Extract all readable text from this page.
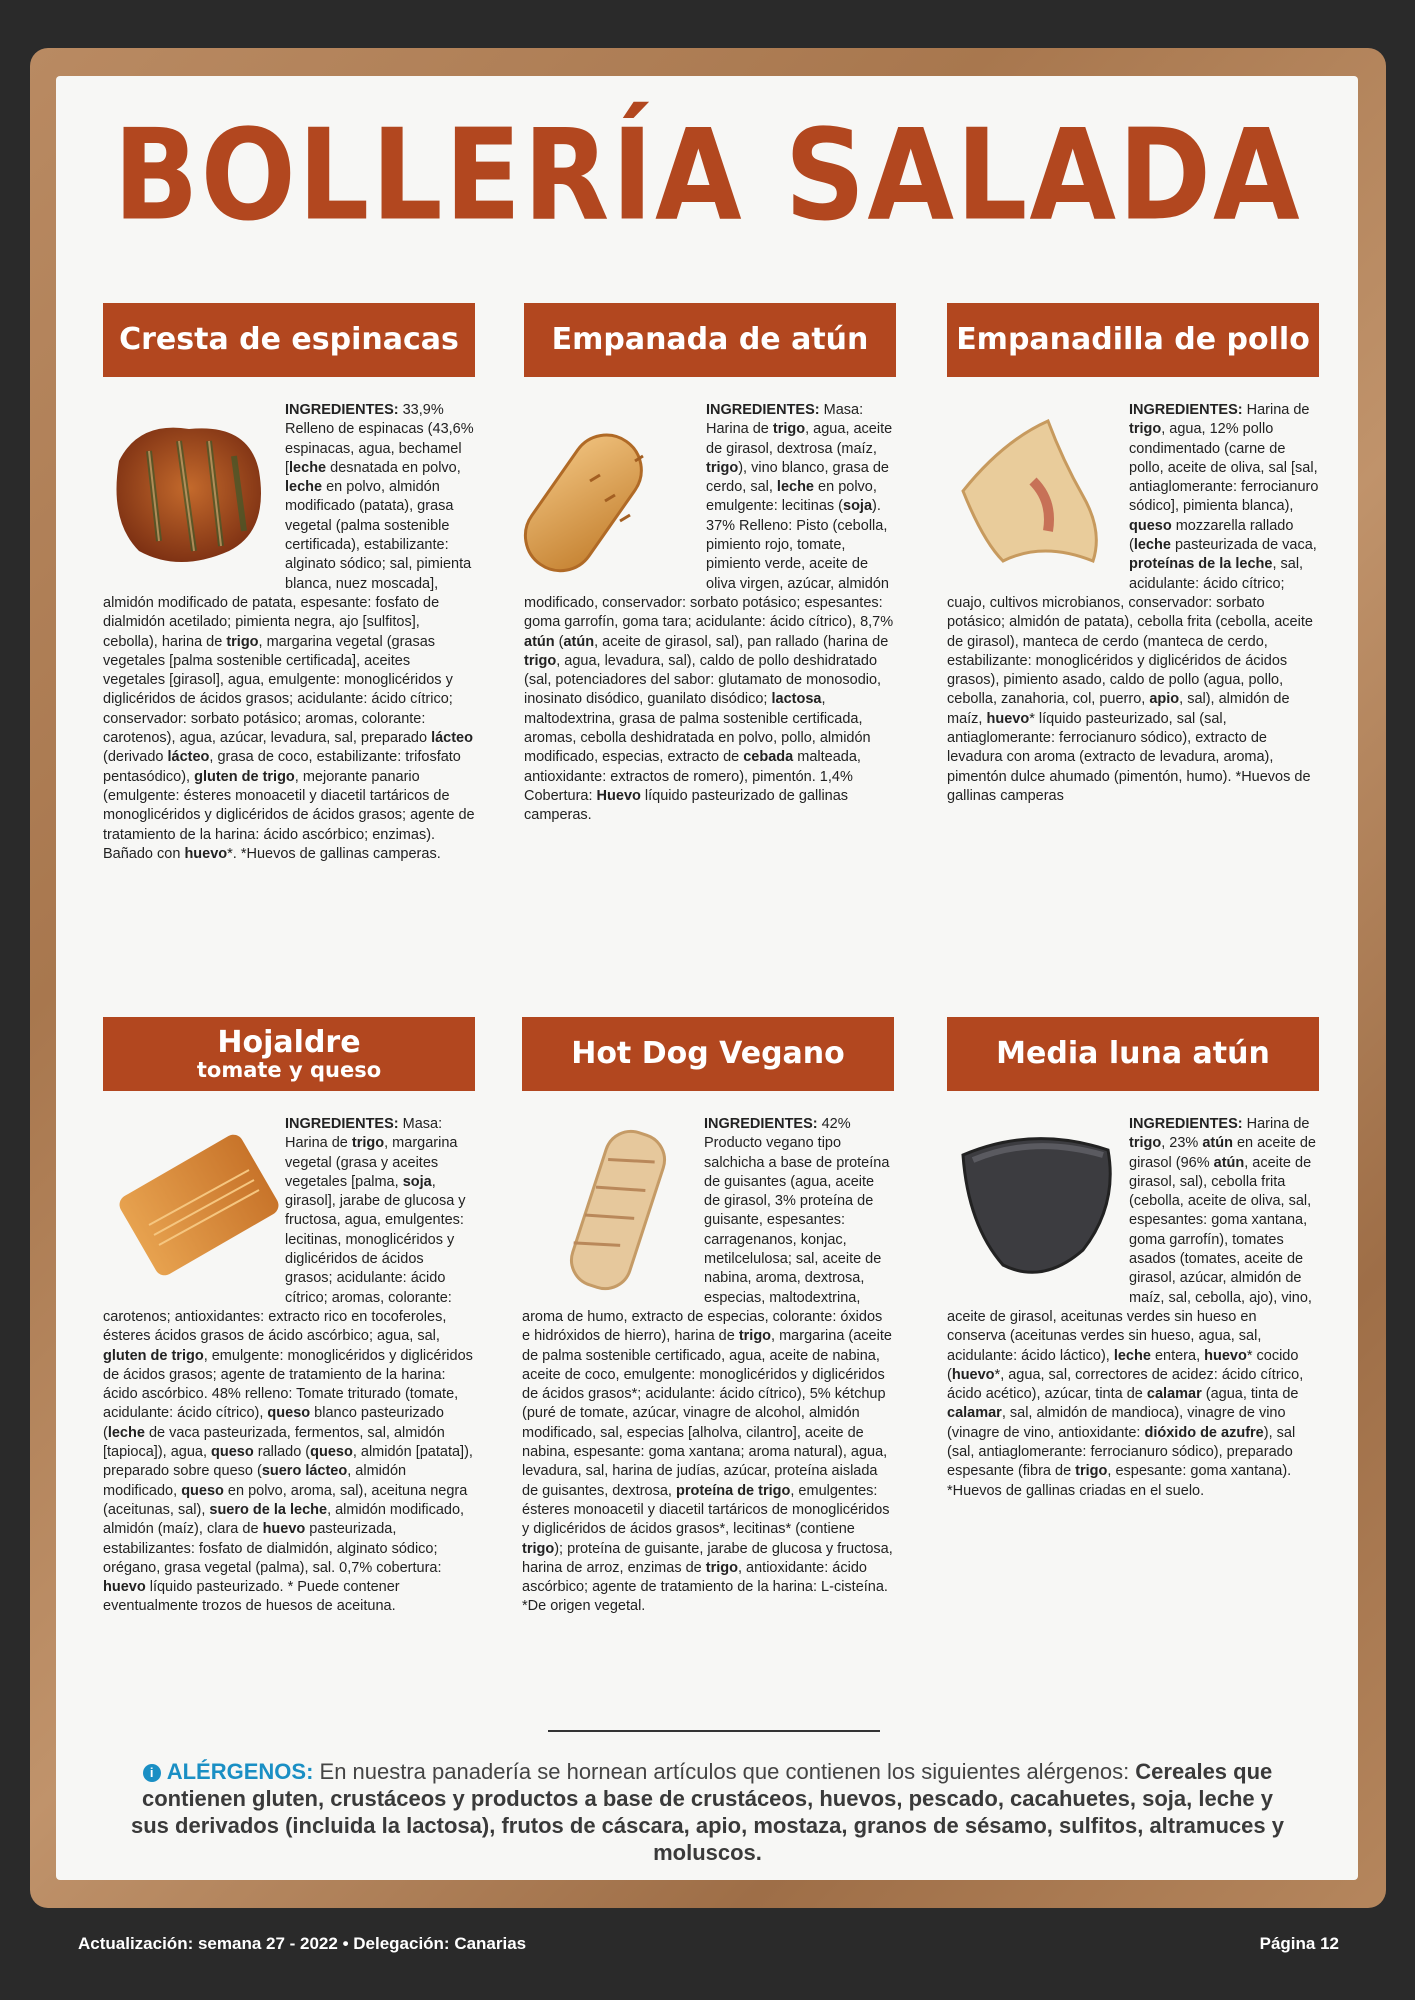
BOLLERÍA SALADA
Cresta de espinacas
INGREDIENTES: 33,9% Relleno de espinacas (43,6% espinacas, agua, bechamel [leche desnatada en polvo, leche en polvo, almidón modificado (patata), grasa vegetal (palma sostenible certificada), estabilizante: alginato sódico; sal, pimienta blanca, nuez moscada], almidón modificado de patata, espesante: fosfato de dialmidón acetilado; pimienta negra, ajo [sulfitos], cebolla), harina de trigo, margarina vegetal (grasas vegetales [palma sostenible certificada], aceites vegetales [girasol], agua, emulgente: monoglicéridos y diglicéridos de ácidos grasos; acidulante: ácido cítrico; conservador: sorbato potásico; aromas, colorante: carotenos), agua, azúcar, levadura, sal, preparado lácteo (derivado lácteo, grasa de coco, estabilizante: trifosfato pentasódico), gluten de trigo, mejorante panario (emulgente: ésteres monoacetil y diacetil tartáricos de monoglicéridos y diglicéridos de ácidos grasos; agente de tratamiento de la harina: ácido ascórbico; enzimas). Bañado con huevo*. *Huevos de gallinas camperas.
Empanada de atún
INGREDIENTES: Masa: Harina de trigo, agua, aceite de girasol, dextrosa (maíz, trigo), vino blanco, grasa de cerdo, sal, leche en polvo, emulgente: lecitinas (soja). 37% Relleno: Pisto (cebolla, pimiento rojo, tomate, pimiento verde, aceite de oliva virgen, azúcar, almidón modificado, conservador: sorbato potásico; espesantes: goma garrofín, goma tara; acidulante: ácido cítrico), 8,7% atún (atún, aceite de girasol, sal), pan rallado (harina de trigo, agua, levadura, sal), caldo de pollo deshidratado (sal, potenciadores del sabor: glutamato de monosodio, inosinato disódico, guanilato disódico; lactosa, maltodextrina, grasa de palma sostenible certificada, aromas, cebolla deshidratada en polvo, pollo, almidón modificado, especias, extracto de cebada malteada, antioxidante: extractos de romero), pimentón. 1,4% Cobertura: Huevo líquido pasteurizado de gallinas camperas.
Empanadilla de pollo
INGREDIENTES: Harina de trigo, agua, 12% pollo condimentado (carne de pollo, aceite de oliva, sal [sal, antiaglomerante: ferrocianuro sódico], pimienta blanca), queso mozzarella rallado (leche pasteurizada de vaca, proteínas de la leche, sal, acidulante: ácido cítrico; cuajo, cultivos microbianos, conservador: sorbato potásico; almidón de patata), cebolla frita (cebolla, aceite de girasol), manteca de cerdo (manteca de cerdo, estabilizante: monoglicéridos y diglicéridos de ácidos grasos), pimiento asado, caldo de pollo (agua, pollo, cebolla, zanahoria, col, puerro, apio, sal), almidón de maíz, huevo* líquido pasteurizado, sal (sal, antiaglomerante: ferrocianuro sódico), extracto de levadura con aroma (extracto de levadura, aroma), pimentón dulce ahumado (pimentón, humo). *Huevos de gallinas camperas
Hojaldre
tomate y queso
INGREDIENTES: Masa: Harina de trigo, margarina vegetal (grasa y aceites vegetales [palma, soja, girasol], jarabe de glucosa y fructosa, agua, emulgentes: lecitinas, monoglicéridos y diglicéridos de ácidos grasos; acidulante: ácido cítrico; aromas, colorante: carotenos; antioxidantes: extracto rico en tocoferoles, ésteres ácidos grasos de ácido ascórbico; agua, sal, gluten de trigo, emulgente: monoglicéridos y diglicéridos de ácidos grasos; agente de tratamiento de la harina: ácido ascórbico. 48% relleno: Tomate triturado (tomate, acidulante: ácido cítrico), queso blanco pasteurizado (leche de vaca pasteurizada, fermentos, sal, almidón [tapioca]), agua, queso rallado (queso, almidón [patata]), preparado sobre queso (suero lácteo, almidón modificado, queso en polvo, aroma, sal), aceituna negra (aceitunas, sal), suero de la leche, almidón modificado, almidón (maíz), clara de huevo pasteurizada, estabilizantes: fosfato de dialmidón, alginato sódico; orégano, grasa vegetal (palma), sal. 0,7% cobertura: huevo líquido pasteurizado. * Puede contener eventualmente trozos de huesos de aceituna.
Hot Dog Vegano
INGREDIENTES: 42% Producto vegano tipo salchicha a base de proteína de guisantes (agua, aceite de girasol, 3% proteína de guisante, espesantes: carragenanos, konjac, metilcelulosa; sal, aceite de nabina, aroma, dextrosa, especias, maltodextrina, aroma de humo, extracto de especias, colorante: óxidos e hidróxidos de hierro), harina de trigo, margarina (aceite de palma sostenible certificado, agua, aceite de nabina, aceite de coco, emulgente: monoglicéridos y diglicéridos de ácidos grasos*; acidulante: ácido cítrico), 5% kétchup (puré de tomate, azúcar, vinagre de alcohol, almidón modificado, sal, especias [alholva, cilantro], aceite de nabina, espesante: goma xantana; aroma natural), agua, levadura, sal, harina de judías, azúcar, proteína aislada de guisantes, dextrosa, proteína de trigo, emulgentes: ésteres monoacetil y diacetil tartáricos de monoglicéridos y diglicéridos de ácidos grasos*, lecitinas* (contiene trigo); proteína de guisante, jarabe de glucosa y fructosa, harina de arroz, enzimas de trigo, antioxidante: ácido ascórbico; agente de tratamiento de la harina: L-cisteína. *De origen vegetal.
Media luna atún
INGREDIENTES: Harina de trigo, 23% atún en aceite de girasol (96% atún, aceite de girasol, sal), cebolla frita (cebolla, aceite de oliva, sal, espesantes: goma xantana, goma garrofín), tomates asados (tomates, aceite de girasol, azúcar, almidón de maíz, sal, cebolla, ajo), vino, aceite de girasol, aceitunas verdes sin hueso en conserva (aceitunas verdes sin hueso, agua, sal, acidulante: ácido láctico), leche entera, huevo* cocido (huevo*, agua, sal, correctores de acidez: ácido cítrico, ácido acético), azúcar, tinta de calamar (agua, tinta de calamar, sal, almidón de mandioca), vinagre de vino (vinagre de vino, antioxidante: dióxido de azufre), sal (sal, antiaglomerante: ferrocianuro sódico), preparado espesante (fibra de trigo, espesante: goma xantana). *Huevos de gallinas criadas en el suelo.
i ALÉRGENOS: En nuestra panadería se hornean artículos que contienen los siguientes alérgenos: Cereales que contienen gluten, crustáceos y productos a base de crustáceos, huevos, pescado, cacahuetes, soja, leche y sus derivados (incluida la lactosa), frutos de cáscara, apio, mostaza, granos de sésamo, sulfitos, altramuces y moluscos.
Actualización: semana 27 - 2022 • Delegación: Canarias	Página 12
